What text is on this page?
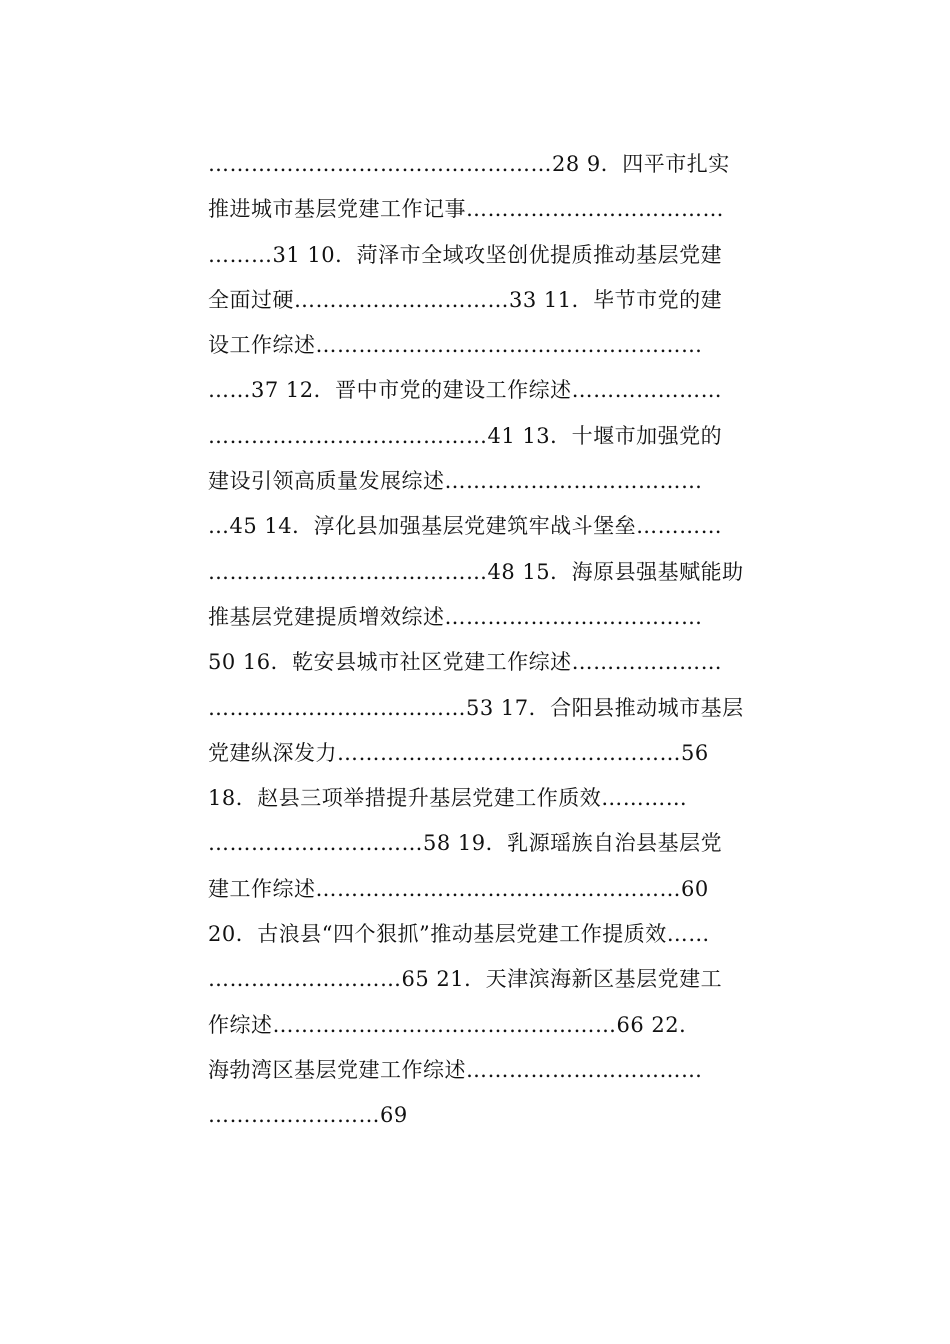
…………………………………………28 9．四平市扎实
推进城市基层党建工作记事………………………………
………31 10．菏泽市全域攻坚创优提质推动基层党建
全面过硬…………………………33 11．毕节市党的建
设工作综述………………………………………………
……37 12．晋中市党的建设工作综述…………………
…………………………………41 13．十堰市加强党的
建设引领高质量发展综述………………………………
…45 14．淳化县加强基层党建筑牢战斗堡垒…………
…………………………………48 15．海原县强基赋能助
推基层党建提质增效综述………………………………
50 16．乾安县城市社区党建工作综述…………………
………………………………53 17．合阳县推动城市基层
党建纵深发力…………………………………………56
18．赵县三项举措提升基层党建工作质效…………
…………………………58 19．乳源瑶族自治县基层党
建工作综述……………………………………………60
20．古浪县“四个狠抓”推动基层党建工作提质效……
………………………65 21．天津滨海新区基层党建工
作综述…………………………………………66 22．
海勃湾区基层党建工作综述……………………………
……………………69
